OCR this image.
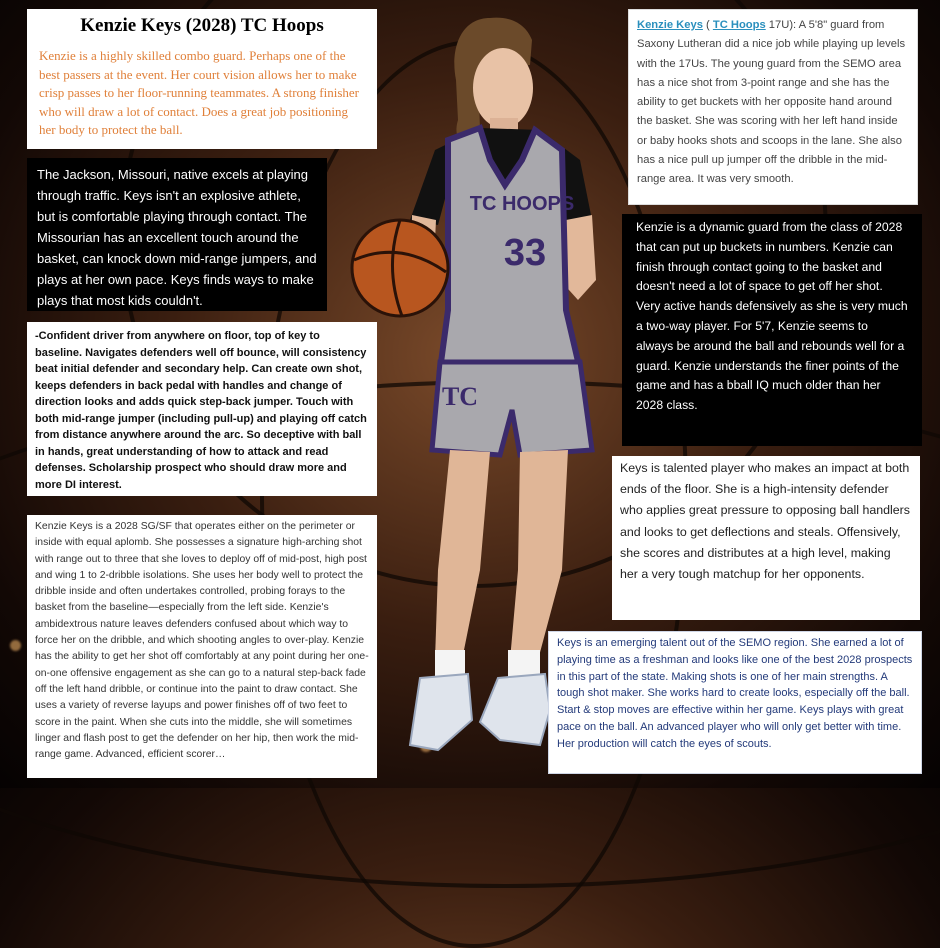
TC HOOPS
33
TC
Kenzie Keys (2028) TC Hoops

Kenzie is a highly skilled combo guard. Perhaps one of the best passers at the event. Her court vision allows her to make crisp passes to her floor-running teammates. A strong finisher who will draw a lot of contact. Does a great job positioning her body to protect the ball.

The Jackson, Missouri, native excels at playing through traffic. Keys isn't an explosive athlete, but is comfortable playing through contact. The Missourian has an excellent touch around the basket, can knock down mid-range jumpers, and plays at her own pace. Keys finds ways to make plays that most kids couldn't.
-Confident driver from anywhere on floor, top of key to baseline. Navigates defenders well off bounce, will consistency beat initial defender and secondary help. Can create own shot, keeps defenders in back pedal with handles and change of direction looks and adds quick step-back jumper. Touch with both mid-range jumper (including pull-up) and playing off catch from distance anywhere around the arc. So deceptive with ball in hands, great understanding of how to attack and read defenses. Scholarship prospect who should draw more and more DI interest.
Kenzie Keys is a 2028 SG/SF that operates either on the perimeter or inside with equal aplomb. She possesses a signature high-arching shot with range out to three that she loves to deploy off of mid-post, high post and wing 1 to 2-dribble isolations. She uses her body well to protect the dribble inside and often undertakes controlled, probing forays to the basket from the baseline—especially from the left side. Kenzie's ambidextrous nature leaves defenders confused about which way to force her on the dribble, and which shooting angles to over-play. Kenzie has the ability to get her shot off comfortably at any point during her one-on-one offensive engagement as she can go to a natural step-back fade off the left hand dribble, or continue into the paint to draw contact. She uses a variety of reverse layups and power finishes off of two feet to score in the paint. When she cuts into the middle, she will sometimes linger and flash post to get the defender on her hip, then work the mid-range game. Advanced, efficient scorer…
Kenzie Keys ( TC Hoops 17U): A 5'8" guard from Saxony Lutheran did a nice job while playing up levels with the 17Us. The young guard from the SEMO area has a nice shot from 3-point range and she has the ability to get buckets with her opposite hand around the basket. She was scoring with her left hand inside or baby hooks shots and scoops in the lane. She also has a nice pull up jumper off the dribble in the mid-range area. It was very smooth.
Kenzie is a dynamic guard from the class of 2028 that can put up buckets in numbers. Kenzie can finish through contact going to the basket and doesn't need a lot of space to get off her shot. Very active hands defensively as she is very much a two-way player. For 5'7, Kenzie seems to always be around the ball and rebounds well for a guard. Kenzie understands the finer points of the game and has a bball IQ much older than her 2028 class.
Keys is talented player who makes an impact at both ends of the floor. She is a high-intensity defender who applies great pressure to opposing ball handlers and looks to get deflections and steals. Offensively, she scores and distributes at a high level, making her a very tough matchup for her opponents.
Keys is an emerging talent out of the SEMO region. She earned a lot of playing time as a freshman and looks like one of the best 2028 prospects in this part of the state. Making shots is one of her main strengths. A tough shot maker. She works hard to create looks, especially off the ball. Start & stop moves are effective within her game. Keys plays with great pace on the ball. An advanced player who will only get better with time. Her production will catch the eyes of scouts.
